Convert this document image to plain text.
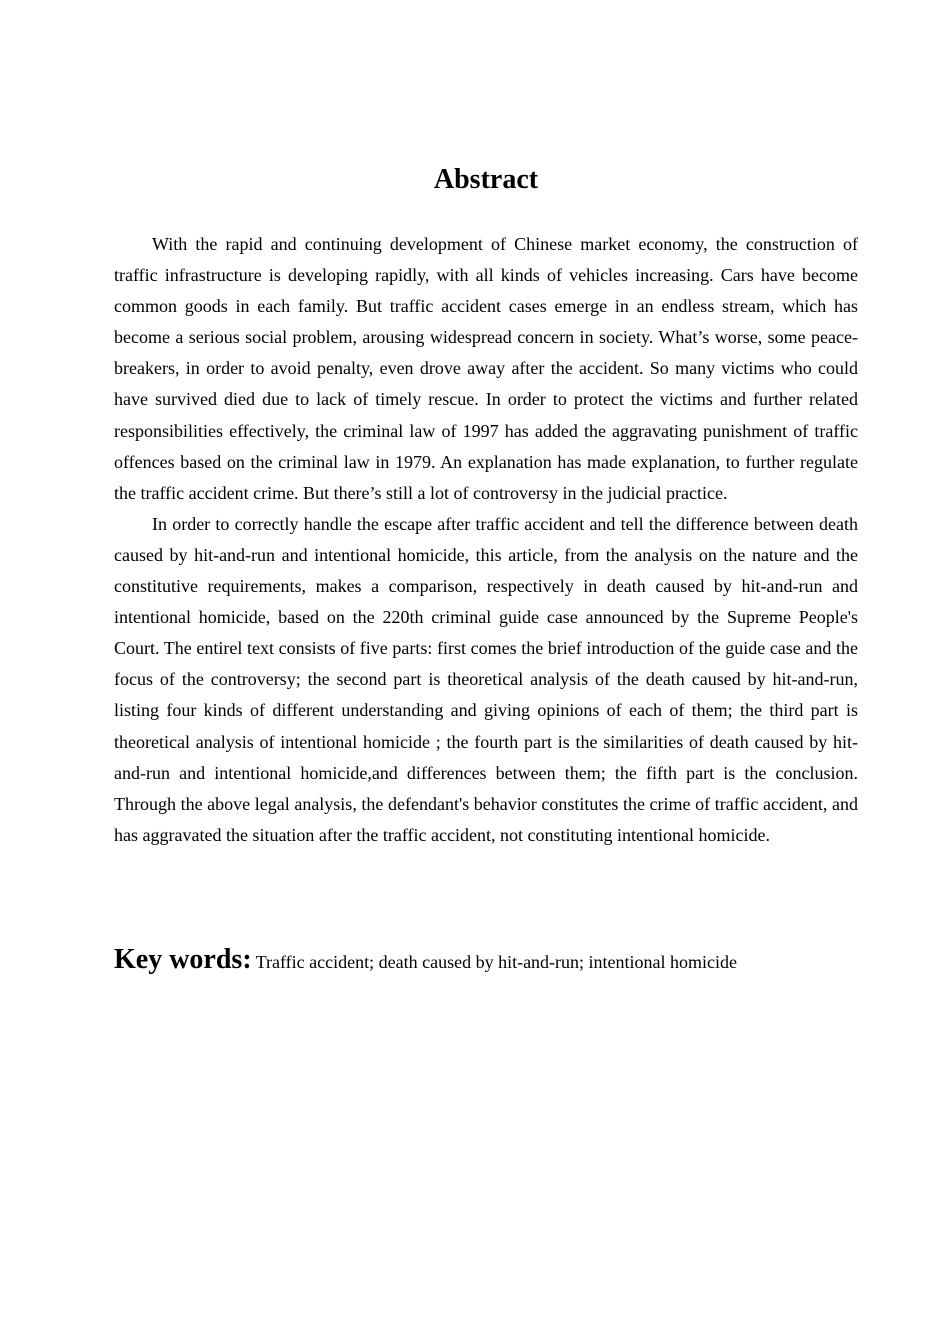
Abstract

With the rapid and continuing development of Chinese market economy, the construction of traffic infrastructure is developing rapidly, with all kinds of vehicles increasing. Cars have become common goods in each family. But traffic accident cases emerge in an endless stream, which has become a serious social problem, arousing widespread concern in society. What’s worse, some peace-breakers, in order to avoid penalty, even drove away after the accident. So many victims who could have survived died due to lack of timely rescue. In order to protect the victims and further related responsibilities effectively, the criminal law of 1997 has added the aggravating punishment of traffic offences based on the criminal law in 1979. An explanation has made explanation, to further regulate the traffic accident crime. But there’s still a lot of controversy in the judicial practice.

In order to correctly handle the escape after traffic accident and tell the difference between death caused by hit-and-run and intentional homicide, this article, from the analysis on the nature and the constitutive requirements, makes a comparison, respectively in death caused by hit-and-run and intentional homicide, based on the 220th criminal guide case announced by the Supreme People's Court. The entirel text consists of five parts: first comes the brief introduction of the guide case and the focus of the controversy; the second part is theoretical analysis of the death caused by hit-and-run, listing four kinds of different understanding and giving opinions of each of them; the third part is theoretical analysis of intentional homicide ; the fourth part is the similarities of death caused by hit-and-run and intentional homicide,and differences between them; the fifth part is the conclusion. Through the above legal analysis, the defendant's behavior constitutes the crime of traffic accident, and has aggravated the situation after the traffic accident, not constituting intentional homicide.

Key words: Traffic accident; death caused by hit-and-run; intentional homicide
